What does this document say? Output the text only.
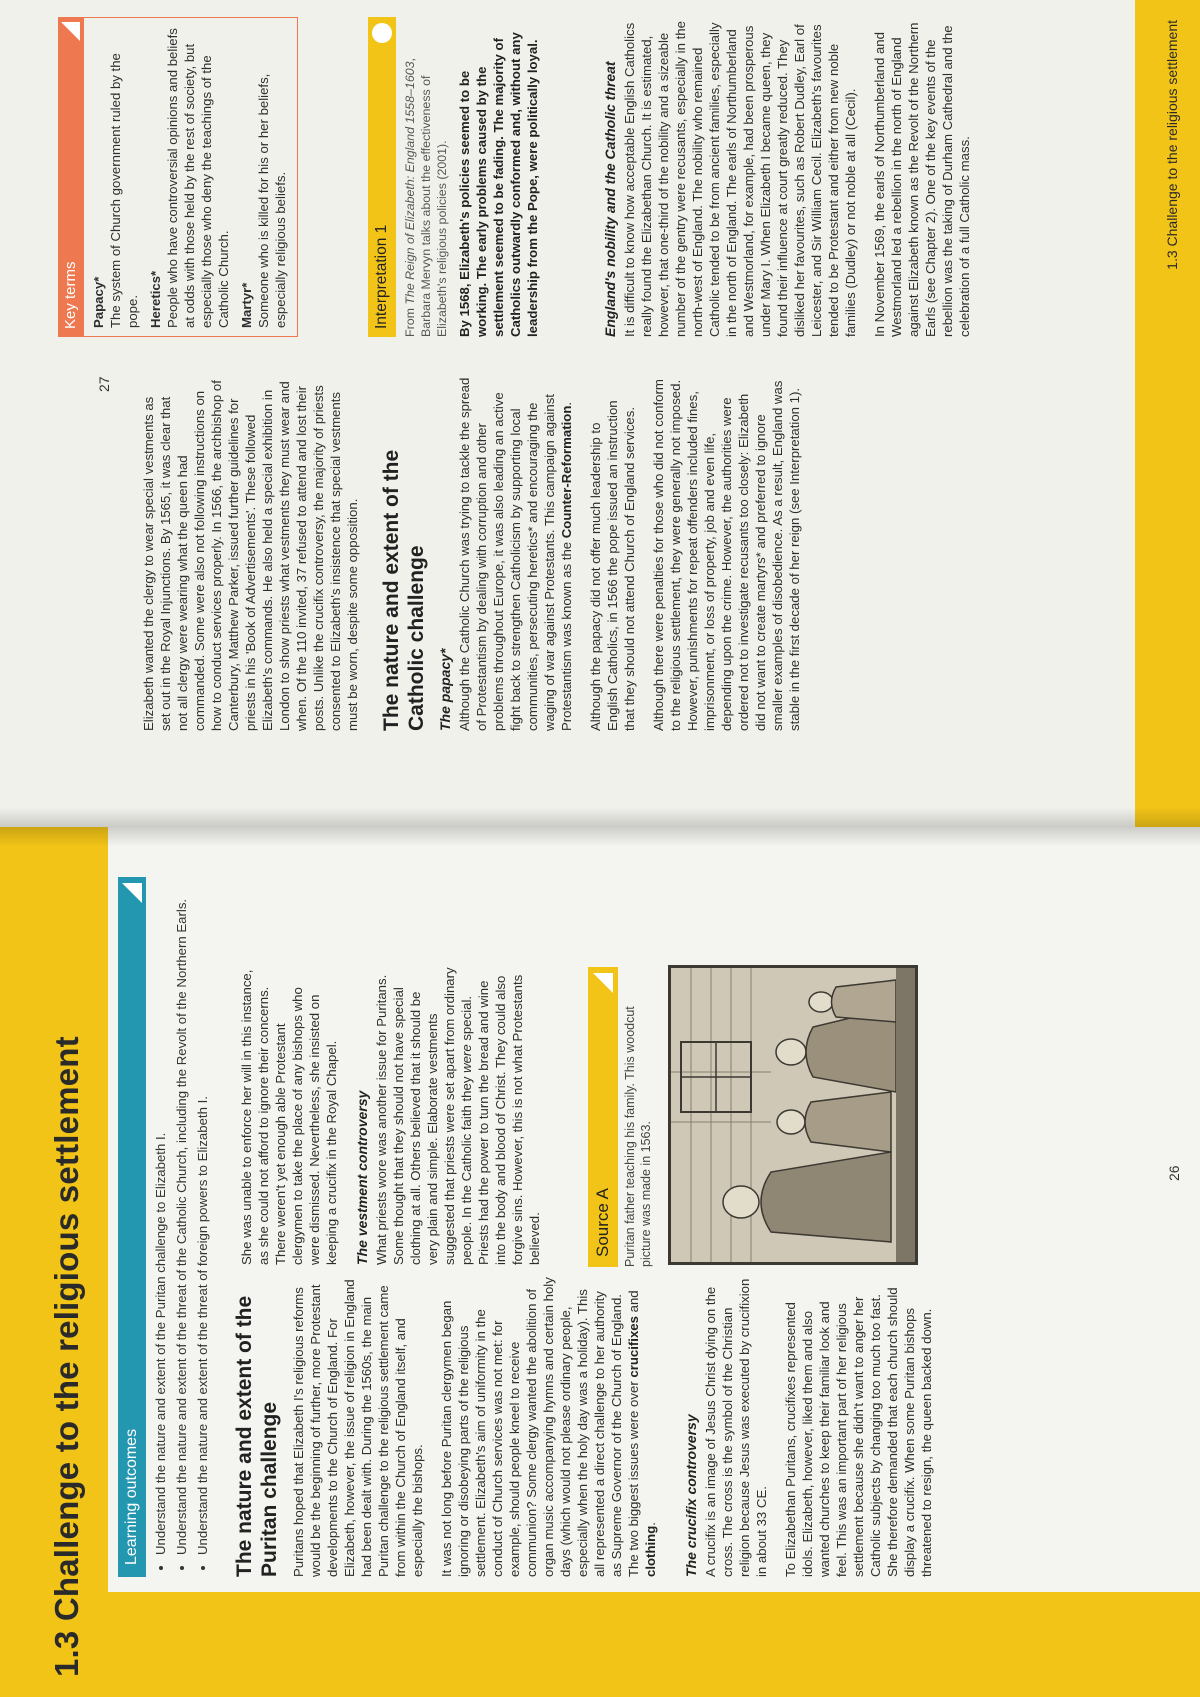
1.3 Challenge to the religious settlement	Learning outcomes • Understand the nature and extent of the Puritan challenge to Elizabeth I. • Understand the nature and extent of the threat of the Catholic Church, including the Revolt of the Northern Earls. • Understand the nature and extent of the threat of foreign powers to Elizabeth I. The nature and extent of the Puritan challenge Puritans hoped that Elizabeth I's religious reforms would be the beginning of further, more Protestant developments to the Church of England. For Elizabeth, however, the issue of religion in England had been dealt with. During the 1560s, the main Puritan challenge to the religious settlement came from within the Church of England itself, and especially the bishops. It was not long before Puritan clergymen began ignoring or disobeying parts of the religious settlement. Elizabeth's aim of uniformity in the conduct of Church services was not met: for example, should people kneel to receive communion? Some clergy wanted the abolition of organ music accompanying hymns and certain holy days (which would not please ordinary people, especially when the holy day was a holiday). This all represented a direct challenge to her authority as Supreme Governor of the Church of England. The two biggest issues were over crucifixes and clothing. The crucifix controversy A crucifix is an image of Jesus Christ dying on the cross. The cross is the symbol of the Christian religion because Jesus was executed by crucifixion in about 33 CE. To Elizabethan Puritans, crucifixes represented idols. Elizabeth, however, liked them and also wanted churches to keep their familiar look and feel. This was an important part of her religious settlement because she didn't want to anger her Catholic subjects by changing too much too fast. She therefore demanded that each church should display a crucifix. When some Puritan bishops threatened to resign, the queen backed down.

She was unable to enforce her will in this instance, as she could not afford to ignore their concerns. There weren't yet enough able Protestant clergymen to take the place of any bishops who were dismissed. Nevertheless, she insisted on keeping a crucifix in the Royal Chapel. The vestment controversy What priests wore was another issue for Puritans. Some thought that they should not have special clothing at all. Others believed that it should be very plain and simple. Elaborate vestments suggested that priests were set apart from ordinary people. In the Catholic faith they were special. Priests had the power to turn the bread and wine into the body and blood of Christ. They could also forgive sins. However, this is not what Protestants believed.	Source A Puritan father teaching his family. This woodcut picture was made in 1563.	26
1.3 Challenge to the religious settlement

Elizabeth wanted the clergy to wear special vestments as set out in the Royal Injunctions. By 1565, it was clear that not all clergy were wearing what the queen had commanded. Some were also not following instructions on how to conduct services properly. In 1566, the archbishop of Canterbury, Matthew Parker, issued further guidelines for priests in his 'Book of Advertisements'. These followed Elizabeth's commands. He also held a special exhibition in London to show priests what vestments they must wear and when. Of the 110 invited, 37 refused to attend and lost their posts. Unlike the crucifix controversy, the majority of priests consented to Elizabeth's insistence that special vestments must be worn, despite some opposition. The nature and extent of the Catholic challenge The papacy* Although the Catholic Church was trying to tackle the spread of Protestantism by dealing with corruption and other problems throughout Europe, it was also leading an active fight back to strengthen Catholicism by supporting local communities, persecuting heretics* and encouraging the waging of war against Protestants. This campaign against Protestantism was known as the Counter-Reformation.

Although the papacy did not offer much leadership to English Catholics, in 1566 the pope issued an instruction that they should not attend Church of England services. Although there were penalties for those who did not conform to the religious settlement, they were generally not imposed. However, punishments for repeat offenders included fines, imprisonment, or loss of property, job and even life, depending upon the crime. However, the authorities were ordered not to investigate recusants too closely: Elizabeth did not want to create martyrs* and preferred to ignore smaller examples of disobedience. As a result, England was stable in the first decade of her reign (see Interpretation 1).

Key terms Papacy* The system of Church government ruled by the pope. Heretics* People who have controversial opinions and beliefs at odds with those held by the rest of society, but especially those who deny the teachings of the Catholic Church. Martyr* Someone who is killed for his or her beliefs, especially religious beliefs.	Interpretation 1	From The Reign of Elizabeth: England 1558–1603, Barbara Mervyn talks about the effectiveness of Elizabeth's religious policies (2001). By 1568, Elizabeth's policies seemed to be working. The early problems caused by the settlement seemed to be fading. The majority of Catholics outwardly conformed and, without any leadership from the Pope, were politically loyal.	England's nobility and the Catholic threat It is difficult to know how acceptable English Catholics really found the Elizabethan Church. It is estimated, however, that one-third of the nobility and a sizeable number of the gentry were recusants, especially in the north-west of England. The nobility who remained Catholic tended to be from ancient families, especially in the north of England. The earls of Northumberland and Westmorland, for example, had been prosperous under Mary I. When Elizabeth I became queen, they found their influence at court greatly reduced. They disliked her favourites, such as Robert Dudley, Earl of Leicester, and Sir William Cecil. Elizabeth's favourites tended to be Protestant and either from new noble families (Dudley) or not noble at all (Cecil). In November 1569, the earls of Northumberland and Westmorland led a rebellion in the north of England against Elizabeth known as the Revolt of the Northern Earls (see Chapter 2). One of the key events of the rebellion was the taking of Durham Cathedral and the celebration of a full Catholic mass.

27
